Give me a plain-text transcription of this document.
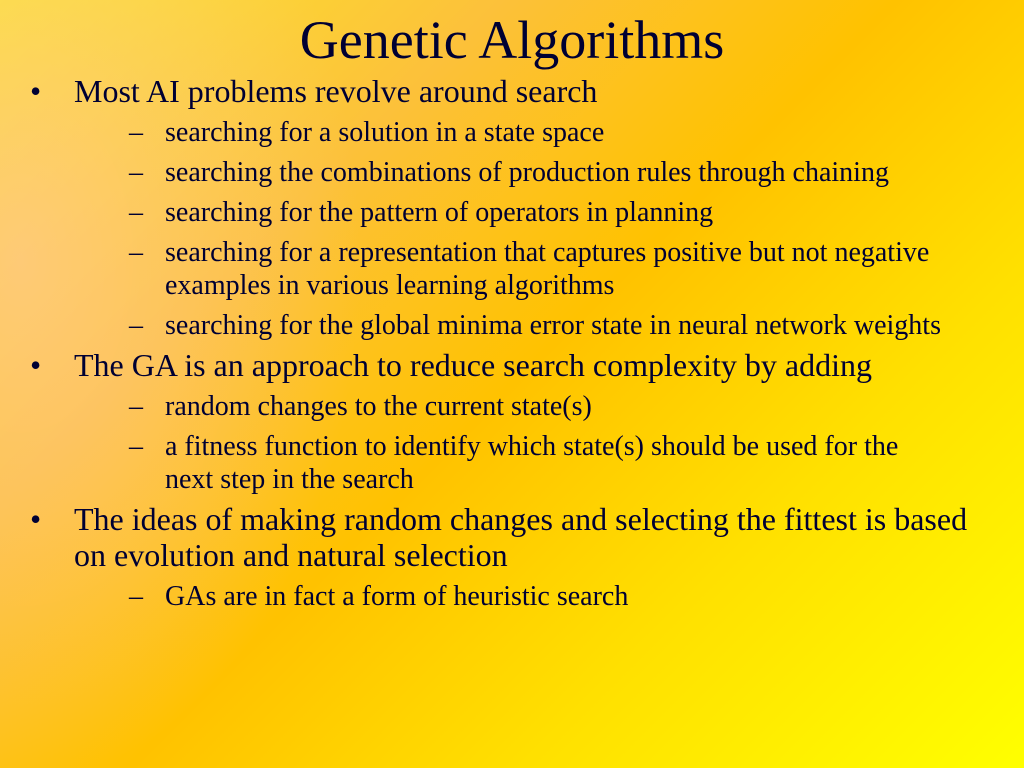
Genetic Algorithms
• Most AI problems revolve around search
– searching for a solution in a state space
– searching the combinations of production rules through chaining
– searching for the pattern of operators in planning
– searching for a representation that captures positive but not negative examples in various learning algorithms
– searching for the global minima error state in neural network weights
• The GA is an approach to reduce search complexity by adding
– random changes to the current state(s)
– a fitness function to identify which state(s) should be used for the next step in the search
• The ideas of making random changes and selecting the fittest is based on evolution and natural selection
– GAs are in fact a form of heuristic search
